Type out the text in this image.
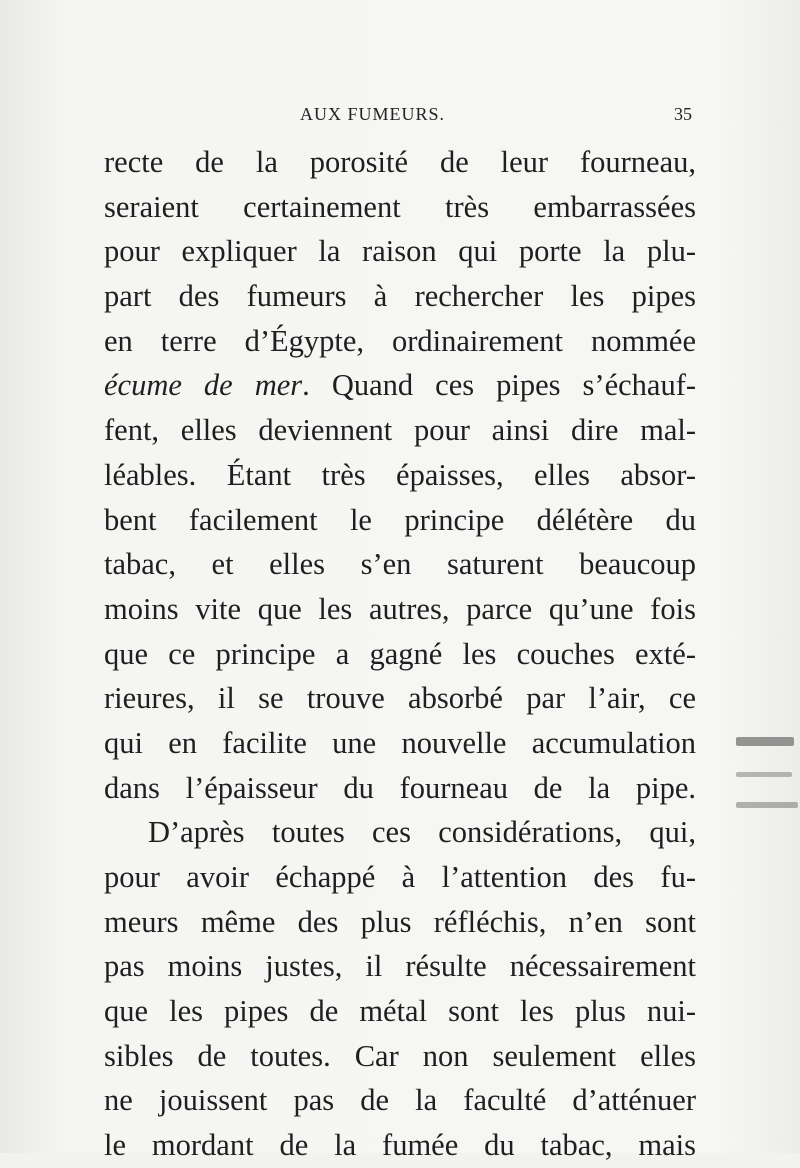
AUX FUMEURS.	35
recte de la porosité de leur fourneau,
seraient certainement très embarrassées
pour expliquer la raison qui porte la plu-
part des fumeurs à rechercher les pipes
en terre d’Égypte, ordinairement nommée
écume de mer. Quand ces pipes s’échauf-
fent, elles deviennent pour ainsi dire mal-
léables. Étant très épaisses, elles absor-
bent facilement le principe délétère du
tabac, et elles s’en saturent beaucoup
moins vite que les autres, parce qu’une fois
que ce principe a gagné les couches exté-
rieures, il se trouve absorbé par l’air, ce
qui en facilite une nouvelle accumulation
dans l’épaisseur du fourneau de la pipe.
D’après toutes ces considérations, qui,
pour avoir échappé à l’attention des fu-
meurs même des plus réfléchis, n’en sont
pas moins justes, il résulte nécessairement
que les pipes de métal sont les plus nui-
sibles de toutes. Car non seulement elles
ne jouissent pas de la faculté d’atténuer
le mordant de la fumée du tabac, mais
